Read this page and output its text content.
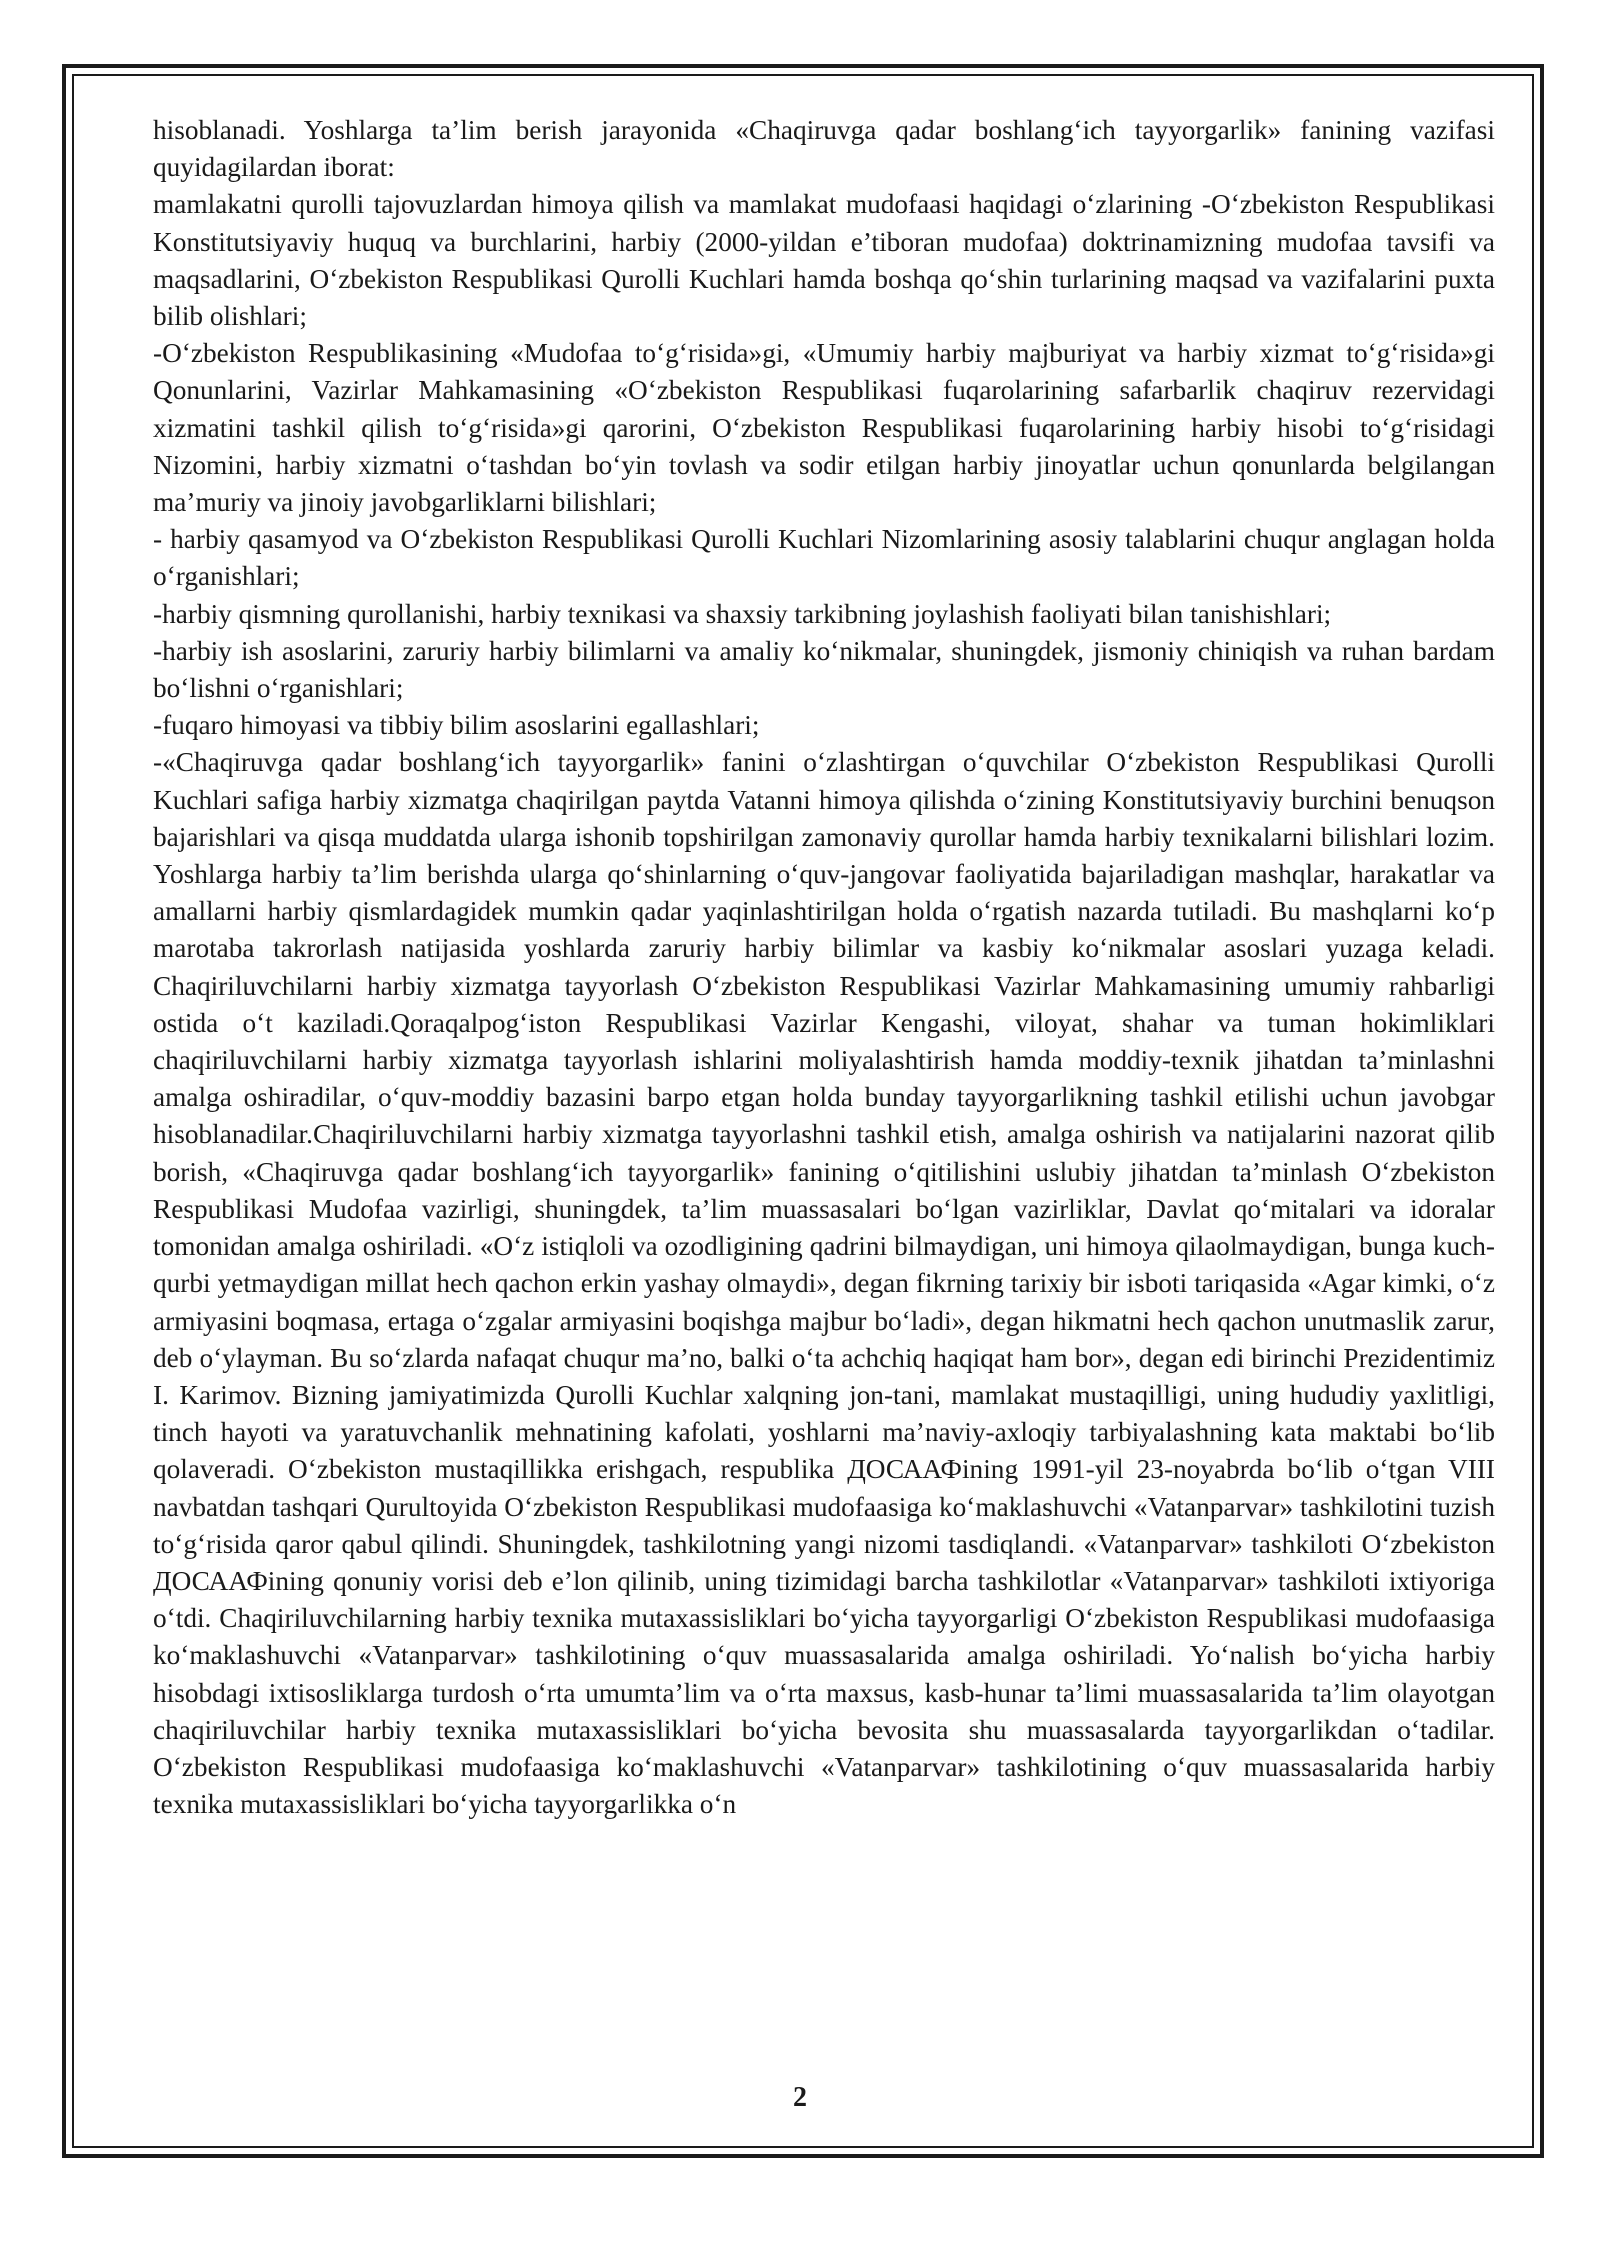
hisoblanadi. Yoshlarga ta’lim berish jarayonida «Chaqiruvga qadar boshlang‘ich tayyorgarlik» fanining vazifasi quyidagilardan iborat:

mamlakatni qurolli tajovuzlardan himoya qilish va mamlakat mudofaasi haqidagi o‘zlarining -O‘zbekiston Respublikasi Konstitutsiyaviy huquq va burchlarini, harbiy (2000-yildan e’tiboran mudofaa) doktrinamizning mudofaa tavsifi va maqsadlarini, O‘zbekiston Respublikasi Qurolli Kuchlari hamda boshqa qo‘shin turlarining maqsad va vazifalarini puxta bilib olishlari;

-O‘zbekiston Respublikasining «Mudofaa to‘g‘risida»gi, «Umumiy harbiy majburiyat va harbiy xizmat to‘g‘risida»gi Qonunlarini, Vazirlar Mahkamasining «O‘zbekiston Respublikasi fuqarolarining safarbarlik chaqiruv rezervidagi xizmatini tashkil qilish to‘g‘risida»gi qarorini, O‘zbekiston Respublikasi fuqarolarining harbiy hisobi to‘g‘risidagi Nizomini, harbiy xizmatni o‘tashdan bo‘yin tovlash va sodir etilgan harbiy jinoyatlar uchun qonunlarda belgilangan ma’muriy va jinoiy javobgarliklarni bilishlari;

- harbiy qasamyod va O‘zbekiston Respublikasi Qurolli Kuchlari Nizomlarining asosiy talablarini chuqur anglagan holda o‘rganishlari;

-harbiy qismning qurollanishi, harbiy texnikasi va shaxsiy tarkibning joylashish faoliyati bilan tanishishlari;

-harbiy ish asoslarini, zaruriy harbiy bilimlarni va amaliy ko‘nikmalar, shuningdek, jismoniy chiniqish va ruhan bardam bo‘lishni o‘rganishlari;

-fuqaro himoyasi va tibbiy bilim asoslarini egallashlari;

-«Chaqiruvga qadar boshlang‘ich tayyorgarlik» fanini o‘zlashtirgan o‘quvchilar O‘zbekiston Respublikasi Qurolli Kuchlari safiga harbiy xizmatga chaqirilgan paytda Vatanni himoya qilishda o‘zining Konstitutsiyaviy burchini benuqson bajarishlari va qisqa muddatda ularga ishonib topshirilgan zamonaviy qurollar hamda harbiy texnikalarni bilishlari lozim. Yoshlarga harbiy ta’lim berishda ularga qo‘shinlarning o‘quv-jangovar faoliyatida bajariladigan mashqlar, harakatlar va amallarni harbiy qismlardagidek mumkin qadar yaqinlashtirilgan holda o‘rgatish nazarda tutiladi. Bu mashqlarni ko‘p marotaba takrorlash natijasida yoshlarda zaruriy harbiy bilimlar va kasbiy ko‘nikmalar asoslari yuzaga keladi. Chaqiriluvchilarni harbiy xizmatga tayyorlash O‘zbekiston Respublikasi Vazirlar Mahkamasining umumiy rahbarligi ostida o‘t kaziladi.Qoraqalpog‘iston Respublikasi Vazirlar Kengashi, viloyat, shahar va tuman hokimliklari chaqiriluvchilarni harbiy xizmatga tayyorlash ishlarini moliyalashtirish hamda moddiy-texnik jihatdan ta’minlashni amalga oshiradilar, o‘quv-moddiy bazasini barpo etgan holda bunday tayyorgarlikning tashkil etilishi uchun javobgar hisoblanadilar.Chaqiriluvchilarni harbiy xizmatga tayyorlashni tashkil etish, amalga oshirish va natijalarini nazorat qilib borish, «Chaqiruvga qadar boshlang‘ich tayyorgarlik» fanining o‘qitilishini uslubiy jihatdan ta’minlash O‘zbekiston Respublikasi Mudofaa vazirligi, shuningdek, ta’lim muassasalari bo‘lgan vazirliklar, Davlat qo‘mitalari va idoralar tomonidan amalga oshiriladi. «O‘z istiqloli va ozodligining qadrini bilmaydigan, uni himoya qilaolmaydigan, bunga kuch-qurbi yetmaydigan millat hech qachon erkin yashay olmaydi», degan fikrning tarixiy bir isboti tariqasida «Agar kimki, o‘z armiyasini boqmasa, ertaga o‘zgalar armiyasini boqishga majbur bo‘ladi», degan hikmatni hech qachon unutmaslik zarur, deb o‘ylayman. Bu so‘zlarda nafaqat chuqur ma’no, balki o‘ta achchiq haqiqat ham bor», degan edi birinchi Prezidentimiz I. Karimov. Bizning jamiyatimizda Qurolli Kuchlar xalqning jon-tani, mamlakat mustaqilligi, uning hududiy yaxlitligi, tinch hayoti va yaratuvchanlik mehnatining kafolati, yoshlarni ma’naviy-axloqiy tarbiyalashning kata maktabi bo‘lib qolaveradi. O‘zbekiston mustaqillikka erishgach, respublika ДОСААФining 1991-yil 23-noyabrda bo‘lib o‘tgan VIII navbatdan tashqari Qurultoyida O‘zbekiston Respublikasi mudofaasiga ko‘maklashuvchi «Vatanparvar» tashkilotini tuzish to‘g‘risida qaror qabul qilindi. Shuningdek, tashkilotning yangi nizomi tasdiqlandi. «Vatanparvar» tashkiloti O‘zbekiston ДОСААФining qonuniy vorisi deb e’lon qilinib, uning tizimidagi barcha tashkilotlar «Vatanparvar» tashkiloti ixtiyoriga o‘tdi. Chaqiriluvchilarning harbiy texnika mutaxassisliklari bo‘yicha tayyorgarligi O‘zbekiston Respublikasi mudofaasiga ko‘maklashuvchi «Vatanparvar» tashkilotining o‘quv muassasalarida amalga oshiriladi. Yo‘nalish bo‘yicha harbiy hisobdagi ixtisosliklarga turdosh o‘rta umumta’lim va o‘rta maxsus, kasb-hunar ta’limi muassasalarida ta’lim olayotgan chaqiriluvchilar harbiy texnika mutaxassisliklari bo‘yicha bevosita shu muassasalarda tayyorgarlikdan o‘tadilar. O‘zbekiston Respublikasi mudofaasiga ko‘maklashuvchi «Vatanparvar» tashkilotining o‘quv muassasalarida harbiy texnika mutaxassisliklari bo‘yicha tayyorgarlikka o‘n

2
